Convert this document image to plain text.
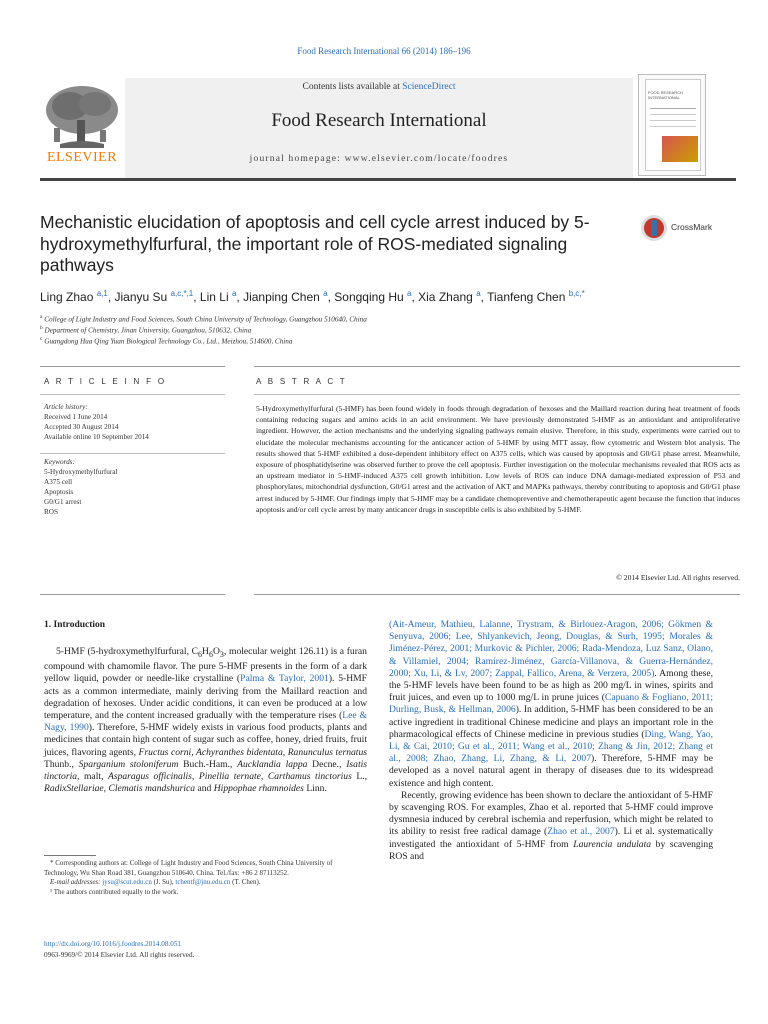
Food Research International 66 (2014) 186–196
Contents lists available at ScienceDirect
Food Research International
journal homepage: www.elsevier.com/locate/foodres
ELSEVIER
FOOD RESEARCH INTERNATIONAL
Mechanistic elucidation of apoptosis and cell cycle arrest induced by 5-hydroxymethylfurfural, the important role of ROS-mediated signaling pathways
CrossMark
Ling Zhao $^{a,1}$, Jianyu Su $^{a,c,*,1}$, Lin Li $^a$, Jianping Chen $^a$, Songqing Hu $^a$, Xia Zhang $^a$, Tianfeng Chen $^{b,c,*}$
$^a$ College of Light Industry and Food Sciences, South China University of Technology, Guangzhou 510640, China
$^b$ Department of Chemistry, Jinan University, Guangzhou, 510632, China
$^c$ Guangdong Hua Qing Yuan Biological Technology Co., Ltd., Meizhou, 514600, China
A R T I C L E I N F O	A B S T R A C T
Article history:
Received 1 June 2014
Accepted 30 August 2014
Available online 10 September 2014
Keywords:
5-Hydroxymethylfurfural
A375 cell
Apoptosis
G0/G1 arrest
ROS
5-Hydroxymethylfurfural (5-HMF) has been found widely in foods through degradation of hexoses and the Maillard reaction during heat treatment of foods containing reducing sugars and amino acids in an acid environment. We have previously demonstrated 5-HMF as an antioxidant and antiproliferative ingredient. However, the action mechanisms and the underlying signaling pathways remain elusive. Therefore, in this study, experiments were carried out to elucidate the molecular mechanisms accounting for the anticancer action of 5-HMF by using MTT assay, flow cytometric and Western blot analysis. The results showed that 5-HMF exhibited a dose-dependent inhibitory effect on A375 cells, which was caused by apoptosis and G0/G1 phase arrest. Meanwhile, exposure of phosphatidylserine was observed further to prove the cell apoptosis. Further investigation on the molecular mechanisms revealed that ROS acts as an upstream mediator in 5-HMF-induced A375 cell growth inhibition. Low levels of ROS can induce DNA damage-mediated expression of P53 and phosphorylates, mitochondrial dysfunction, G0/G1 arrest and the activation of AKT and MAPKs pathways, thereby contributing to apoptosis and G0/G1 phase arrest induced by 5-HMF. Our findings imply that 5-HMF may be a candidate chemopreventive and chemotherapeutic agent because the function that induces apoptosis and/or cell cycle arrest by many anticancer drugs in susceptible cells is also exhibited by 5-HMF.
© 2014 Elsevier Ltd. All rights reserved.
1. Introduction

5-HMF (5-hydroxymethylfurfural, $C_6H_6O_3$, molecular weight 126.11) is a furan compound with chamomile flavor. The pure 5-HMF presents in the form of a dark yellow liquid, powder or needle-like crystalline (Palma & Taylor, 2001). 5-HMF acts as a common intermediate, mainly deriving from the Maillard reaction and degradation of hexoses. Under acidic conditions, it can even be produced at a low temperature, and the content increased gradually with the temperature rises (Lee & Nagy, 1990). Therefore, 5-HMF widely exists in various food products, plants and medicines that contain high content of sugar such as coffee, honey, dried fruits, fruit juices, flavoring agents, Fructus corni, Achyranthes bidentata, Ranunculus ternatus Thunb., Sparganium stoloniferum Buch.-Ham., Aucklandia lappa Decne., Isatis tinctoria, malt, Asparagus officinalis, Pinellia ternate, Carthamus tinctorius L., RadixStellariae, Clematis mandshurica and Hippophae rhamnoides Linn.

(Ait-Ameur, Mathieu, Lalanne, Trystram, & Birlouez-Aragon, 2006; Gökmen & Senyuva, 2006; Lee, Shlyankevich, Jeong, Douglas, & Surh, 1995; Morales & Jiménez-Pérez, 2001; Murkovic & Pichler, 2006; Rada-Mendoza, Luz Sanz, Olano, & Villamiel, 2004; Ramírez-Jiménez, García-Villanova, & Guerra-Hernández, 2000; Xu, Li, & Lv, 2007; Zappal, Fallico, Arena, & Verzera, 2005). Among these, the 5-HMF levels have been found to be as high as 200 mg/L in wines, spirits and fruit juices, and even up to 1000 mg/L in prune juices (Capuano & Fogliano, 2011; Durling, Busk, & Hellman, 2006). In addition, 5-HMF has been considered to be an active ingredient in traditional Chinese medicine and plays an important role in the pharmacological effects of Chinese medicine in previous studies (Ding, Wang, Yao, Li, & Cai, 2010; Gu et al., 2011; Wang et al., 2010; Zhang & Jin, 2012; Zhang et al., 2008; Zhao, Zhang, Li, Zhang, & Li, 2007). Therefore, 5-HMF may be developed as a novel natural agent in therapy of diseases due to its widespread existence and high content.

Recently, growing evidence has been shown to declare the antioxidant of 5-HMF by scavenging ROS. For examples, Zhao et al. reported that 5-HMF could improve dysmnesia induced by cerebral ischemia and reperfusion, which might be related to its ability to resist free radical damage (Zhao et al., 2007). Li et al. systematically investigated the antioxidant of 5-HMF from Laurencia undulata by scavenging ROS and

* Corresponding authors at: College of Light Industry and Food Sciences, South China University of Technology, Wu Shan Road 381, Guangzhou 510640, China. Tel./fax: +86 2 87113252.
E-mail addresses: jysu@scut.edu.cn (J. Su), tchentf@jnu.edu.cn (T. Chen).
¹ The authors contributed equally to the work.
http://dx.doi.org/10.1016/j.foodres.2014.08.051
0963-9969/© 2014 Elsevier Ltd. All rights reserved.
